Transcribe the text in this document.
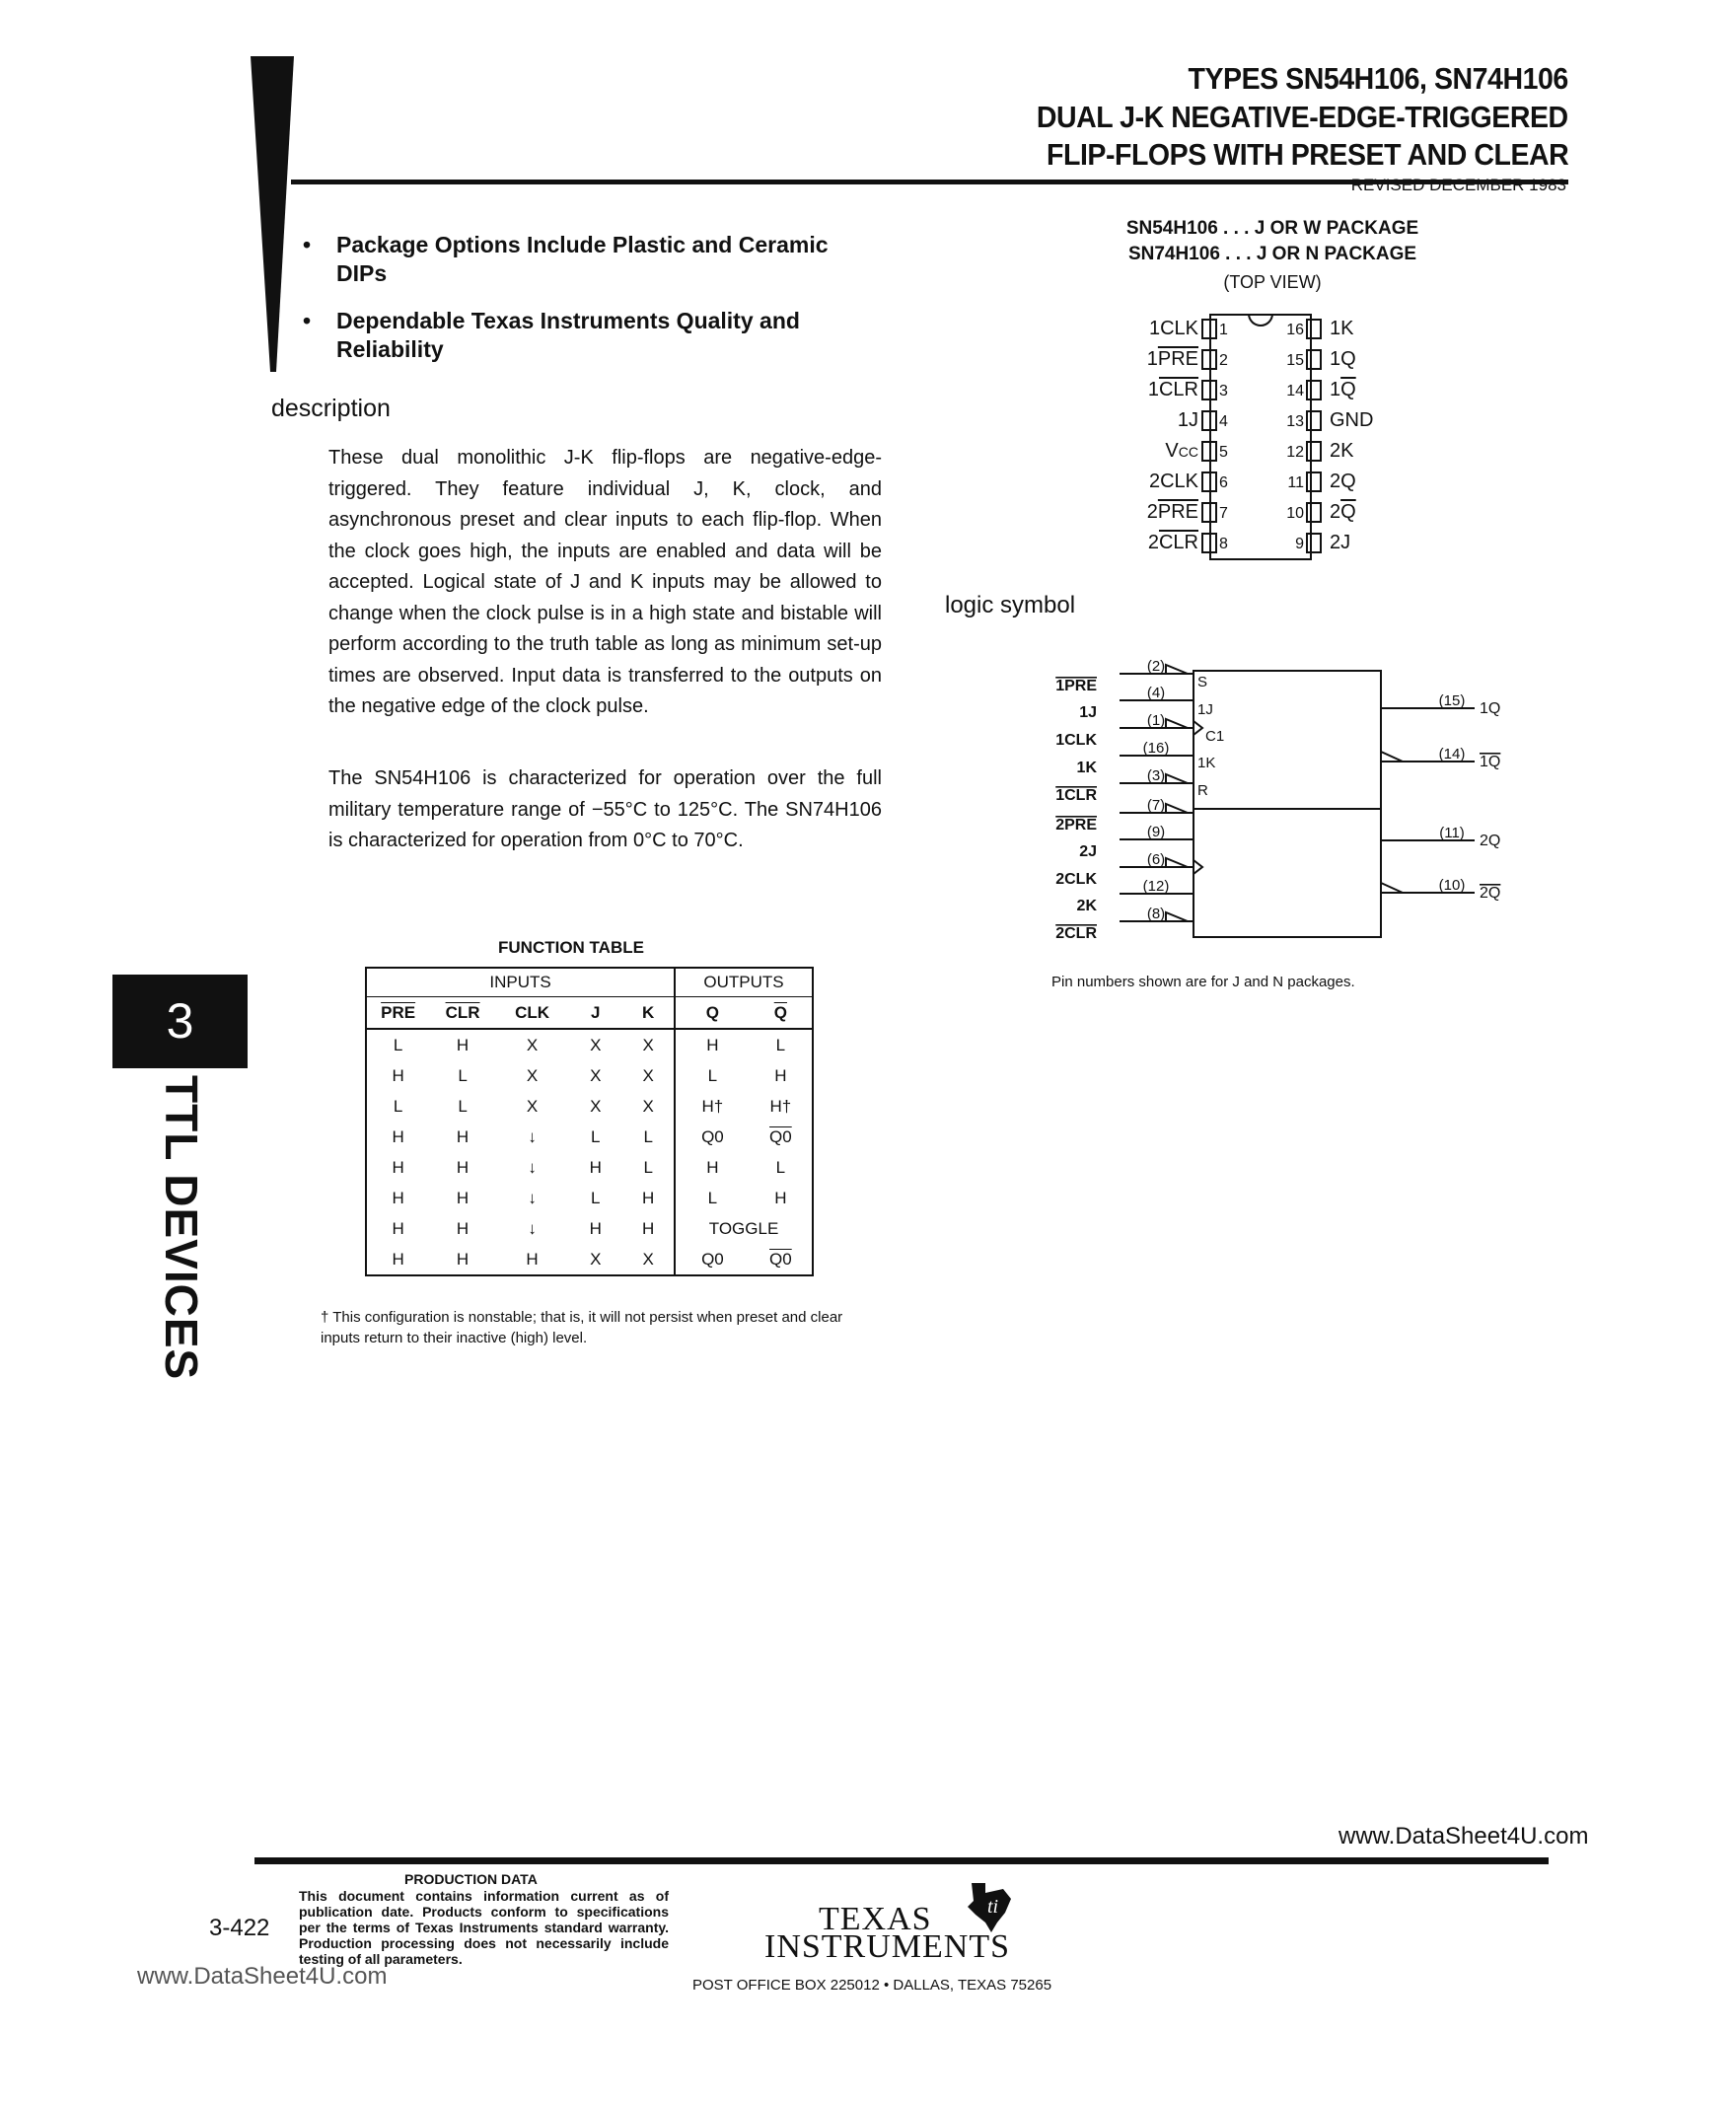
TYPES SN54H106, SN74H106
DUAL J-K NEGATIVE-EDGE-TRIGGERED
FLIP-FLOPS WITH PRESET AND CLEAR
REVISED DECEMBER 1983
• Package Options Include Plastic and Ceramic DIPs
• Dependable Texas Instruments Quality and Reliability
description
These dual monolithic J-K flip-flops are negative-edge-triggered. They feature individual J, K, clock, and asynchronous preset and clear inputs to each flip-flop. When the clock goes high, the inputs are enabled and data will be accepted. Logical state of J and K inputs may be allowed to change when the clock pulse is in a high state and bistable will perform according to the truth table as long as minimum set-up times are observed. Input data is transferred to the outputs on the negative edge of the clock pulse.
The SN54H106 is characterized for operation over the full military temperature range of −55°C to 125°C. The SN74H106 is characterized for operation from 0°C to 70°C.
SN54H106 . . . J OR W PACKAGE
SN74H106 . . . J OR N PACKAGE
(TOP VIEW)
1CLK 1
$1\overline{PRE}$ 2
$1\overline{CLR}$ 3
1J 4
VCC 5
2CLK 6
$2\overline{PRE}$ 7
$2\overline{CLR}$ 8
16 1K
15 1Q
14 $1\overline{Q}$
13 GND
12 2K
11 2Q
10 $2\overline{Q}$
9 2J
logic symbol
1PRE
(2)
1J
(4)
1CLK
(1)
1K
(16)
1CLR
(3)
2PRE
(7)
2J
(9)
2CLK
(6)
2K
(12)
2CLR
(8)
S
1J
C1
1K
R
(15) 1Q
(14) 1Q
(11) 2Q
(10) 2Q
Pin numbers shown are for J and N packages.
FUNCTION TABLE
INPUTS					OUTPUTS	
$\overline{PRE}$	$\overline{CLR}$	CLK	J	K	Q	$\overline{Q}$
L	H	X	X	X	H	L
H	L	X	X	X	L	H
L	L	X	X	X	H†	H†
H	H	↓	L	L	Q0	Q0
H	H	↓	H	L	H	L
H	H	↓	L	H	L	H
H	H	↓	H	H	TOGGLE	
H	H	H	X	X	Q0	Q0
† This configuration is nonstable; that is, it will not persist when preset and clear inputs return to their inactive (high) level.
3
TTL DEVICES
www.DataSheet4U.com
PRODUCTION DATA
This document contains information current as of publication date. Products conform to specifications per the terms of Texas Instruments standard warranty. Production processing does not necessarily include testing of all parameters.
3-422
www.DataSheet4U.com
TEXAS
INSTRUMENTS
ti
POST OFFICE BOX 225012 • DALLAS, TEXAS 75265
